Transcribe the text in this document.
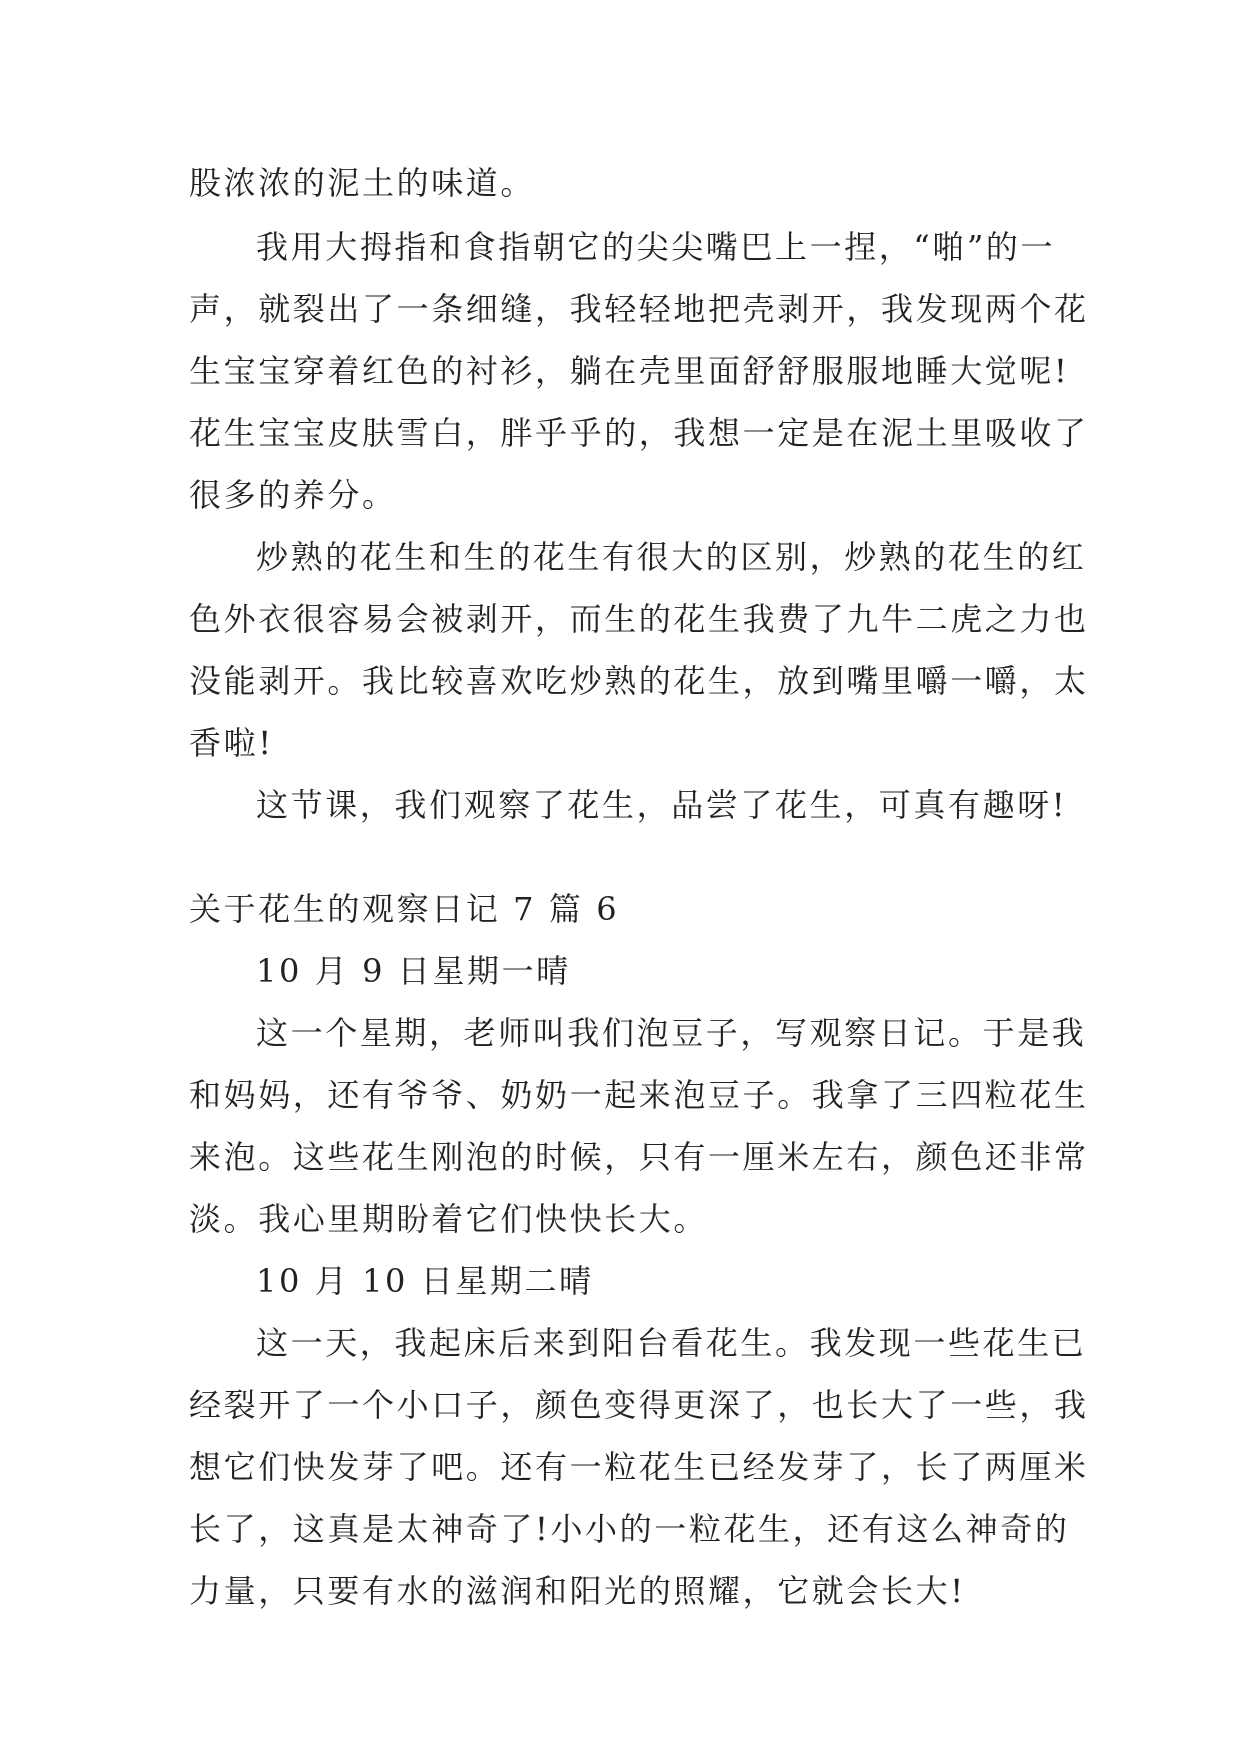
股浓浓的泥土的味道。
我用大拇指和食指朝它的尖尖嘴巴上一捏，“啪”的一
声，就裂出了一条细缝，我轻轻地把壳剥开，我发现两个花
生宝宝穿着红色的衬衫，躺在壳里面舒舒服服地睡大觉呢!
花生宝宝皮肤雪白，胖乎乎的，我想一定是在泥土里吸收了
很多的养分。
炒熟的花生和生的花生有很大的区别，炒熟的花生的红
色外衣很容易会被剥开，而生的花生我费了九牛二虎之力也
没能剥开。我比较喜欢吃炒熟的花生，放到嘴里嚼一嚼，太
香啦!
这节课，我们观察了花生，品尝了花生，可真有趣呀!
关于花生的观察日记 7 篇 6
10 月 9 日星期一晴
这一个星期，老师叫我们泡豆子，写观察日记。于是我
和妈妈，还有爷爷、奶奶一起来泡豆子。我拿了三四粒花生
来泡。这些花生刚泡的时候，只有一厘米左右，颜色还非常
淡。我心里期盼着它们快快长大。
10 月 10 日星期二晴
这一天，我起床后来到阳台看花生。我发现一些花生已
经裂开了一个小口子，颜色变得更深了，也长大了一些，我
想它们快发芽了吧。还有一粒花生已经发芽了，长了两厘米
长了，这真是太神奇了!小小的一粒花生，还有这么神奇的
力量，只要有水的滋润和阳光的照耀，它就会长大!
